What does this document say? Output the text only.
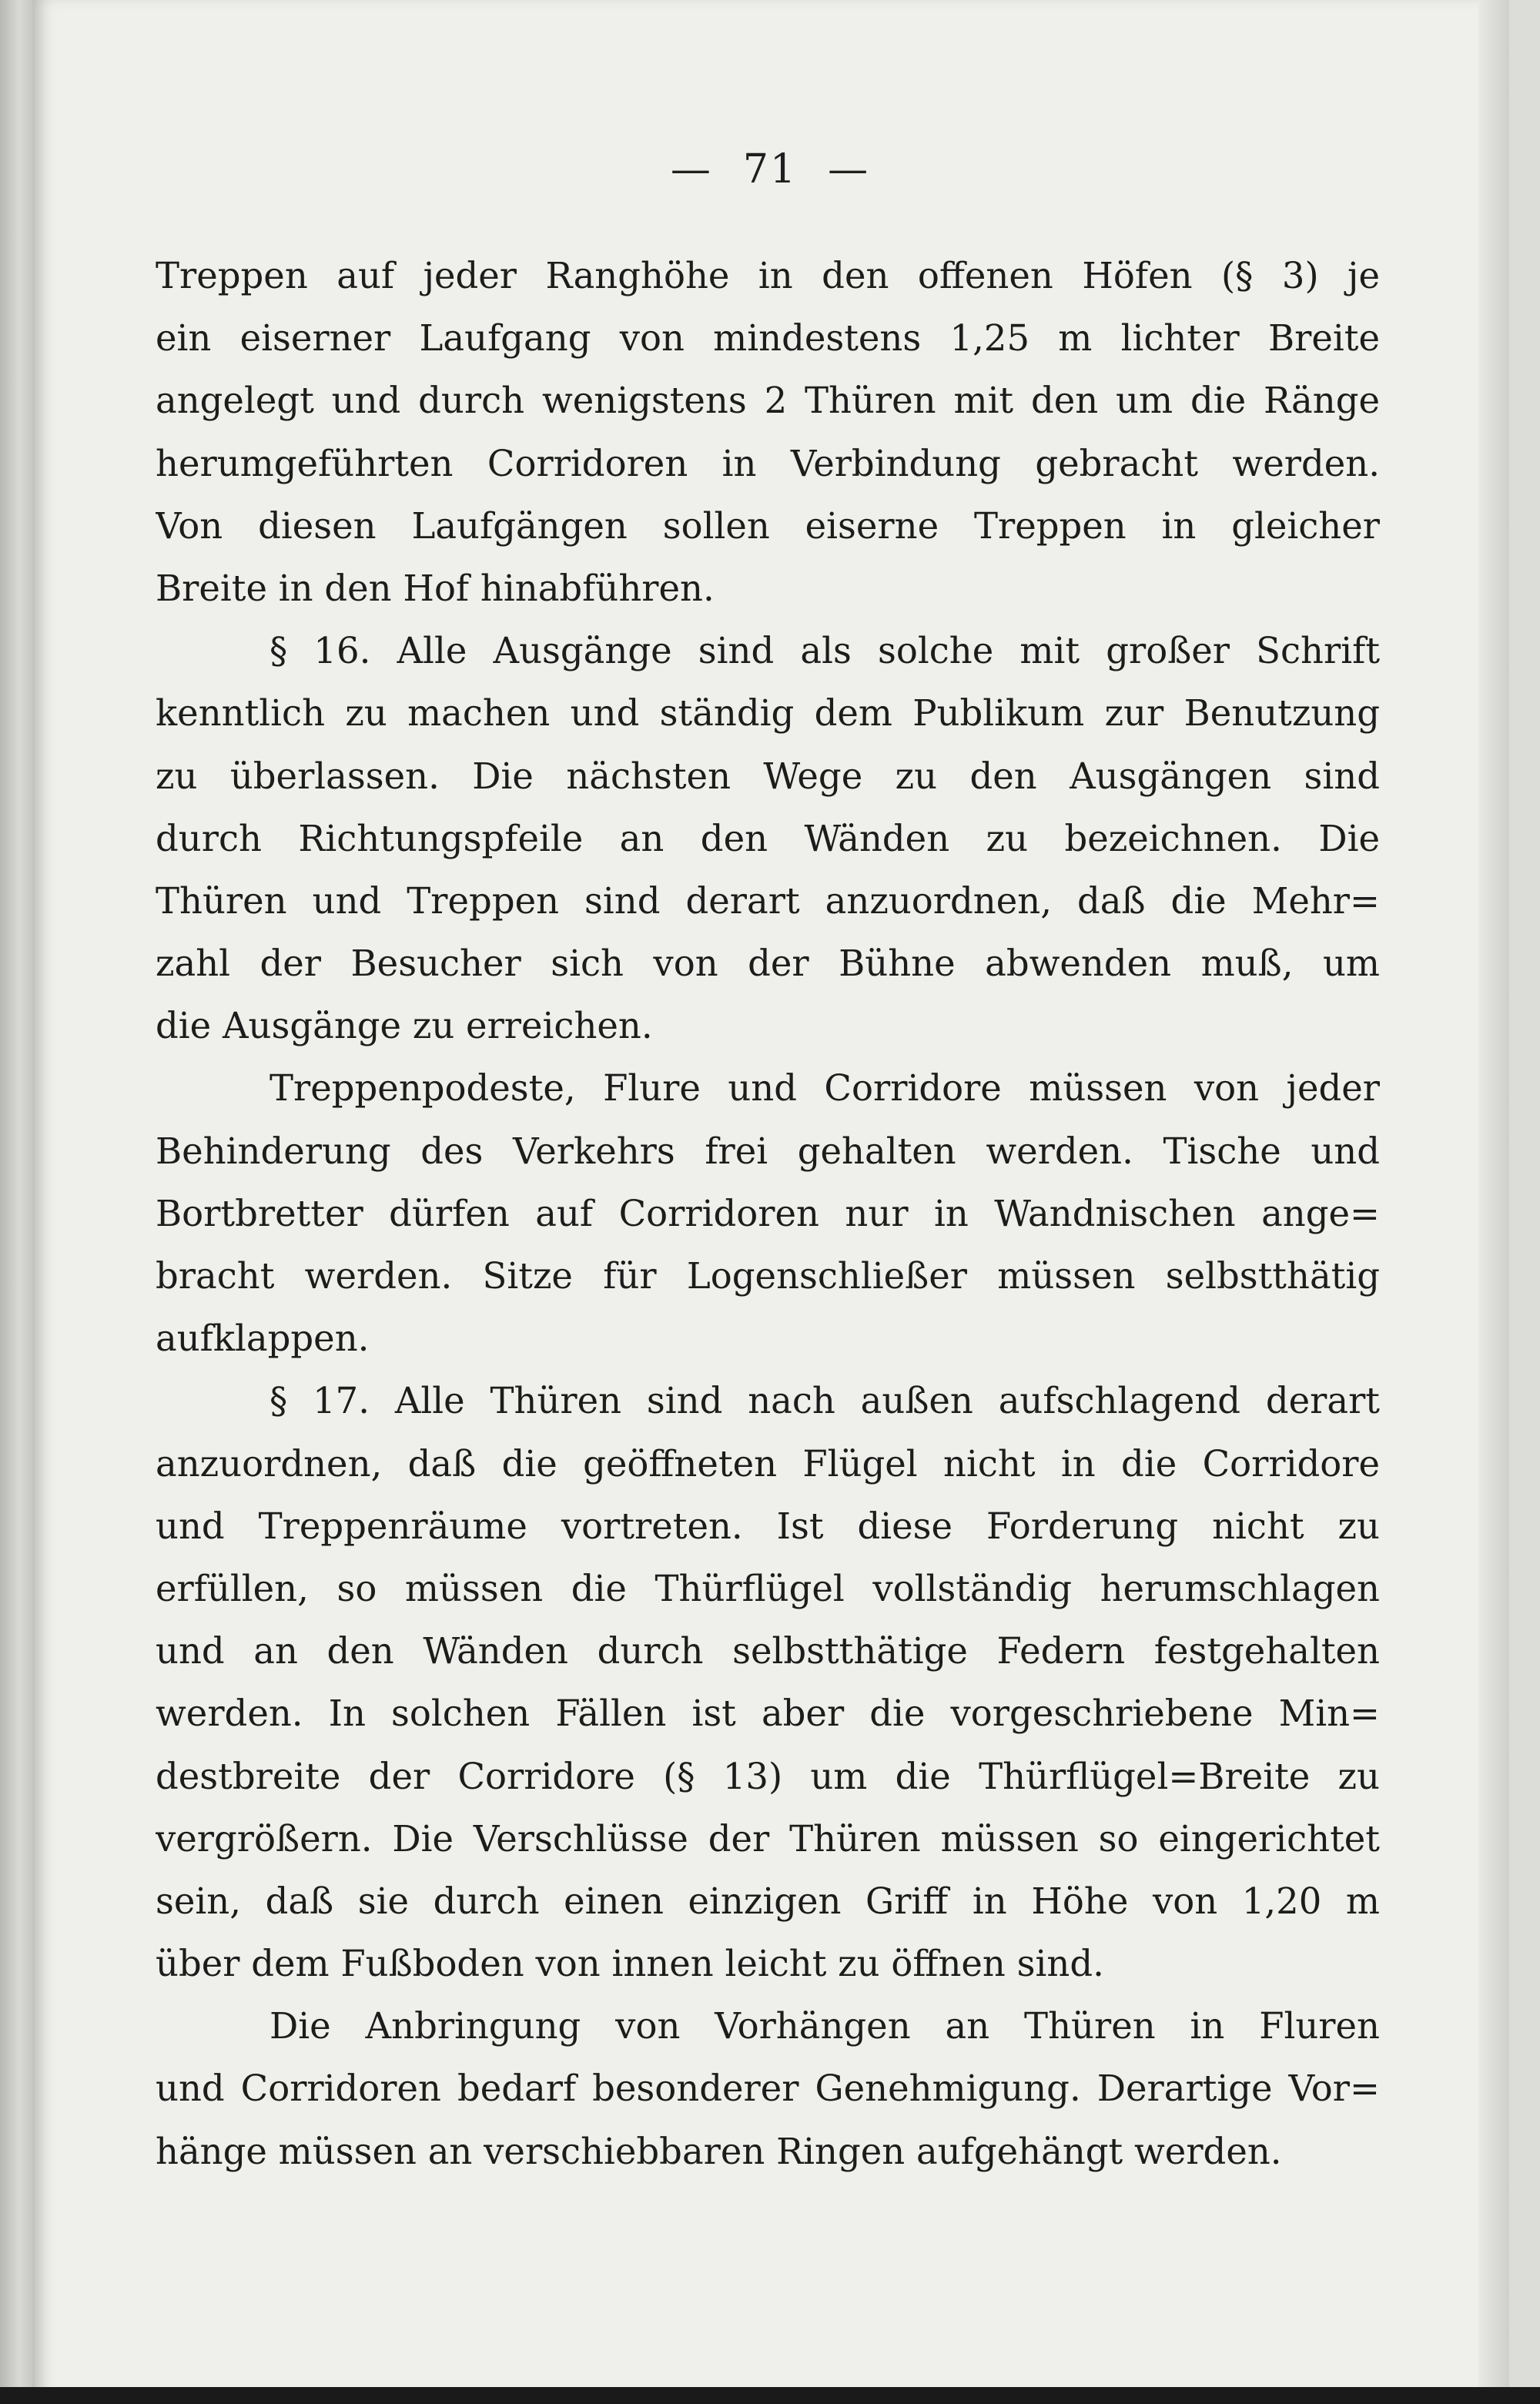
— 71 —
Treppen auf jeder Ranghöhe in den offenen Höfen (§ 3) je
ein eiserner Laufgang von mindestens 1,25 m lichter Breite
angelegt und durch wenigstens 2 Thüren mit den um die Ränge
herumgeführten Corridoren in Verbindung gebracht werden.
Von diesen Laufgängen sollen eiserne Treppen in gleicher
Breite in den Hof hinabführen.
§ 16. Alle Ausgänge sind als solche mit großer Schrift
kenntlich zu machen und ständig dem Publikum zur Benutzung
zu überlassen. Die nächsten Wege zu den Ausgängen sind
durch Richtungspfeile an den Wänden zu bezeichnen. Die
Thüren und Treppen sind derart anzuordnen, daß die Mehr=
zahl der Besucher sich von der Bühne abwenden muß, um
die Ausgänge zu erreichen.
Treppenpodeste, Flure und Corridore müssen von jeder
Behinderung des Verkehrs frei gehalten werden. Tische und
Bortbretter dürfen auf Corridoren nur in Wandnischen ange=
bracht werden. Sitze für Logenschließer müssen selbstthätig
aufklappen.
§ 17. Alle Thüren sind nach außen aufschlagend derart
anzuordnen, daß die geöffneten Flügel nicht in die Corridore
und Treppenräume vortreten. Ist diese Forderung nicht zu
erfüllen, so müssen die Thürflügel vollständig herumschlagen
und an den Wänden durch selbstthätige Federn festgehalten
werden. In solchen Fällen ist aber die vorgeschriebene Min=
destbreite der Corridore (§ 13) um die Thürflügel=Breite zu
vergrößern. Die Verschlüsse der Thüren müssen so eingerichtet
sein, daß sie durch einen einzigen Griff in Höhe von 1,20 m
über dem Fußboden von innen leicht zu öffnen sind.
Die Anbringung von Vorhängen an Thüren in Fluren
und Corridoren bedarf besonderer Genehmigung. Derartige Vor=
hänge müssen an verschiebbaren Ringen aufgehängt werden.
